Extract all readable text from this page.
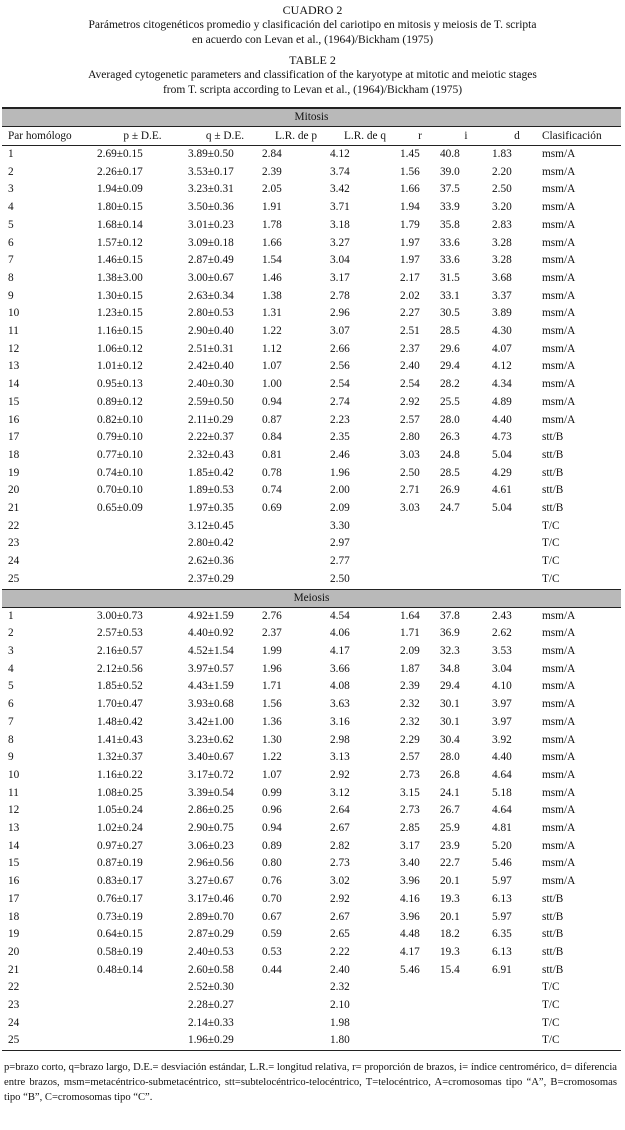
CUADRO 2
Parámetros citogenéticos promedio y clasificación del cariotipo en mitosis y meiosis de T. scripta
en acuerdo con Levan et al., (1964)/Bickham (1975)
TABLE 2
Averaged cytogenetic parameters and classification of the karyotype at mitotic and meiotic stages
from T. scripta according to Levan et al., (1964)/Bickham (1975)

Mitosis								
Par homólogo	p ± D.E.	q ± D.E.	L.R. de p	L.R. de q	r	i	d	Clasificación
1	2.69±0.15	3.89±0.50	2.84	4.12	1.45	40.8	1.83	msm/A
2	2.26±0.17	3.53±0.17	2.39	3.74	1.56	39.0	2.20	msm/A
3	1.94±0.09	3.23±0.31	2.05	3.42	1.66	37.5	2.50	msm/A
4	1.80±0.15	3.50±0.36	1.91	3.71	1.94	33.9	3.20	msm/A
5	1.68±0.14	3.01±0.23	1.78	3.18	1.79	35.8	2.83	msm/A
6	1.57±0.12	3.09±0.18	1.66	3.27	1.97	33.6	3.28	msm/A
7	1.46±0.15	2.87±0.49	1.54	3.04	1.97	33.6	3.28	msm/A
8	1.38±3.00	3.00±0.67	1.46	3.17	2.17	31.5	3.68	msm/A
9	1.30±0.15	2.63±0.34	1.38	2.78	2.02	33.1	3.37	msm/A
10	1.23±0.15	2.80±0.53	1.31	2.96	2.27	30.5	3.89	msm/A
11	1.16±0.15	2.90±0.40	1.22	3.07	2.51	28.5	4.30	msm/A
12	1.06±0.12	2.51±0.31	1.12	2.66	2.37	29.6	4.07	msm/A
13	1.01±0.12	2.42±0.40	1.07	2.56	2.40	29.4	4.12	msm/A
14	0.95±0.13	2.40±0.30	1.00	2.54	2.54	28.2	4.34	msm/A
15	0.89±0.12	2.59±0.50	0.94	2.74	2.92	25.5	4.89	msm/A
16	0.82±0.10	2.11±0.29	0.87	2.23	2.57	28.0	4.40	msm/A
17	0.79±0.10	2.22±0.37	0.84	2.35	2.80	26.3	4.73	stt/B
18	0.77±0.10	2.32±0.43	0.81	2.46	3.03	24.8	5.04	stt/B
19	0.74±0.10	1.85±0.42	0.78	1.96	2.50	28.5	4.29	stt/B
20	0.70±0.10	1.89±0.53	0.74	2.00	2.71	26.9	4.61	stt/B
21	0.65±0.09	1.97±0.35	0.69	2.09	3.03	24.7	5.04	stt/B
22		3.12±0.45		3.30				T/C
23		2.80±0.42		2.97				T/C
24		2.62±0.36		2.77				T/C
25		2.37±0.29		2.50				T/C
Meiosis								
1	3.00±0.73	4.92±1.59	2.76	4.54	1.64	37.8	2.43	msm/A
2	2.57±0.53	4.40±0.92	2.37	4.06	1.71	36.9	2.62	msm/A
3	2.16±0.57	4.52±1.54	1.99	4.17	2.09	32.3	3.53	msm/A
4	2.12±0.56	3.97±0.57	1.96	3.66	1.87	34.8	3.04	msm/A
5	1.85±0.52	4.43±1.59	1.71	4.08	2.39	29.4	4.10	msm/A
6	1.70±0.47	3.93±0.68	1.56	3.63	2.32	30.1	3.97	msm/A
7	1.48±0.42	3.42±1.00	1.36	3.16	2.32	30.1	3.97	msm/A
8	1.41±0.43	3.23±0.62	1.30	2.98	2.29	30.4	3.92	msm/A
9	1.32±0.37	3.40±0.67	1.22	3.13	2.57	28.0	4.40	msm/A
10	1.16±0.22	3.17±0.72	1.07	2.92	2.73	26.8	4.64	msm/A
11	1.08±0.25	3.39±0.54	0.99	3.12	3.15	24.1	5.18	msm/A
12	1.05±0.24	2.86±0.25	0.96	2.64	2.73	26.7	4.64	msm/A
13	1.02±0.24	2.90±0.75	0.94	2.67	2.85	25.9	4.81	msm/A
14	0.97±0.27	3.06±0.23	0.89	2.82	3.17	23.9	5.20	msm/A
15	0.87±0.19	2.96±0.56	0.80	2.73	3.40	22.7	5.46	msm/A
16	0.83±0.17	3.27±0.67	0.76	3.02	3.96	20.1	5.97	msm/A
17	0.76±0.17	3.17±0.46	0.70	2.92	4.16	19.3	6.13	stt/B
18	0.73±0.19	2.89±0.70	0.67	2.67	3.96	20.1	5.97	stt/B
19	0.64±0.15	2.87±0.29	0.59	2.65	4.48	18.2	6.35	stt/B
20	0.58±0.19	2.40±0.53	0.53	2.22	4.17	19.3	6.13	stt/B
21	0.48±0.14	2.60±0.58	0.44	2.40	5.46	15.4	6.91	stt/B
22		2.52±0.30		2.32				T/C
23		2.28±0.27		2.10				T/C
24		2.14±0.33		1.98				T/C
25		1.96±0.29		1.80				T/C

p=brazo corto, q=brazo largo, D.E.= desviación estándar, L.R.= longitud relativa, r= proporción de brazos, i= índice centromérico, d= diferencia entre brazos, msm=metacéntrico-submetacéntrico, stt=subtelocéntrico-telocéntrico, T=telocéntrico, A=cromosomas tipo “A”, B=cromosomas tipo “B”, C=cromosomas tipo “C”.
